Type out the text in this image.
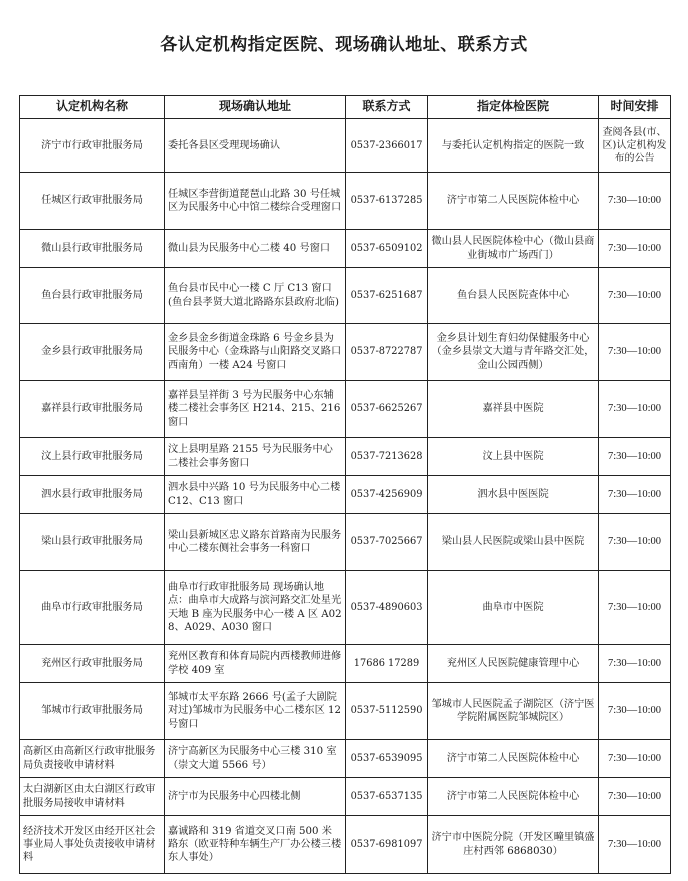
各认定机构指定医院、现场确认地址、联系方式
认定机构名称	现场确认地址	联系方式	指定体检医院	时间安排
济宁市行政审批服务局	委托各县区受理现场确认	0537-2366017	与委托认定机构指定的医院一致	查阅各县(市、区)认定机构发布的公告
任城区行政审批服务局	任城区李营街道琵琶山北路 30 号任城区为民服务中心中馆二楼综合受理窗口	0537-6137285	济宁市第二人民医院体检中心	7:30—10:00
微山县行政审批服务局	微山县为民服务中心二楼 40 号窗口	0537-6509102	微山县人民医院体检中心（微山县商业街城市广场西门）	7:30—10:00
鱼台县行政审批服务局	鱼台县市民中心一楼 C 厅 C13 窗口(鱼台县孝贤大道北路路东县政府北临)	0537-6251687	鱼台县人民医院查体中心	7:30—10:00
金乡县行政审批服务局	金乡县金乡街道金珠路 6 号金乡县为民服务中心（金珠路与山阳路交叉路口西南角）一楼 A24 号窗口	0537-8722787	金乡县计划生育妇幼保健服务中心（金乡县崇文大道与青年路交汇处，金山公园西侧）	7:30—10:00
嘉祥县行政审批服务局	嘉祥县呈祥街 3 号为民服务中心东辅楼二楼社会事务区 H214、215、216 窗口	0537-6625267	嘉祥县中医院	7:30—10:00
汶上县行政审批服务局	汶上县明星路 2155 号为民服务中心二楼社会事务窗口	0537-7213628	汶上县中医院	7:30—10:00
泗水县行政审批服务局	泗水县中兴路 10 号为民服务中心二楼 C12、C13 窗口	0537-4256909	泗水县中医医院	7:30—10:00
梁山县行政审批服务局	梁山县新城区忠义路东首路南为民服务中心二楼东侧社会事务一科窗口	0537-7025667	梁山县人民医院或梁山县中医院	7:30—10:00
曲阜市行政审批服务局	曲阜市行政审批服务局 现场确认地点：曲阜市大成路与滨河路交汇处星光天地 B 座为民服务中心一楼 A 区 A028、A029、A030 窗口	0537-4890603	曲阜市中医院	7:30—10:00
兖州区行政审批服务局	兖州区教育和体育局院内西楼教师进修学校 409 室	17686 17289	兖州区人民医院健康管理中心	7:30—10:00
邹城市行政审批服务局	邹城市太平东路 2666 号(孟子大剧院对过)邹城市为民服务中心二楼东区 12 号窗口	0537-5112590	邹城市人民医院孟子湖院区（济宁医学院附属医院邹城院区）	7:30—10:00
高新区由高新区行政审批服务局负责接收申请材料	济宁高新区为民服务中心三楼 310 室（崇文大道 5566 号）	0537-6539095	济宁市第二人民医院体检中心	7:30—10:00
太白湖新区由太白湖区行政审批服务局接收申请材料	济宁市为民服务中心四楼北侧	0537-6537135	济宁市第二人民医院体检中心	7:30—10:00
经济技术开发区由经开区社会事业局人事处负责接收申请材料	嘉诚路和 319 省道交叉口南 500 米路东（欧亚特种车辆生产厂办公楼三楼东人事处）	0537-6981097	济宁市中医院分院（开发区疃里镇盛庄村西邻 6868030）	7:30—10:00
